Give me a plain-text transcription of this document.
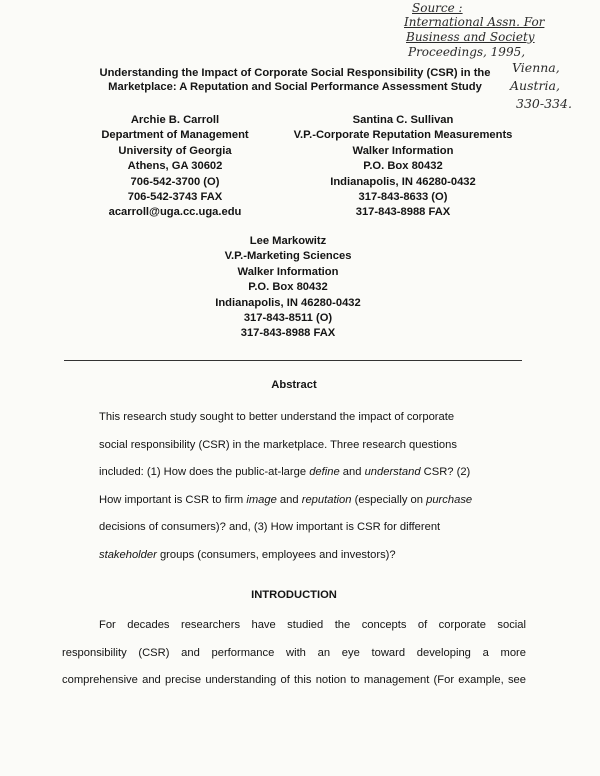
Source :
International Assn. For
Business and Society
Proceedings, 1995,
Vienna,
Austria,
330-334.
Understanding the Impact of Corporate Social Responsibility (CSR) in the
Marketplace: A Reputation and Social Performance Assessment Study
Archie B. Carroll
Department of Management
University of Georgia
Athens, GA 30602
706-542-3700 (O)
706-542-3743 FAX
acarroll@uga.cc.uga.edu
Santina C. Sullivan
V.P.-Corporate Reputation Measurements
Walker Information
P.O. Box 80432
Indianapolis, IN 46280-0432
317-843-8633 (O)
317-843-8988 FAX
Lee Markowitz
V.P.-Marketing Sciences
Walker Information
P.O. Box 80432
Indianapolis, IN 46280-0432
317-843-8511 (O)
317-843-8988 FAX
Abstract
This research study sought to better understand the impact of corporate
social responsibility (CSR) in the marketplace. Three research questions
included: (1) How does the public-at-large define and understand CSR? (2)
How important is CSR to firm image and reputation (especially on purchase
decisions of consumers)? and, (3) How important is CSR for different
stakeholder groups (consumers, employees and investors)?
INTRODUCTION
For decades researchers have studied the concepts of corporate social
responsibility (CSR) and performance with an eye toward developing a more
comprehensive and precise understanding of this notion to management (For example, see
